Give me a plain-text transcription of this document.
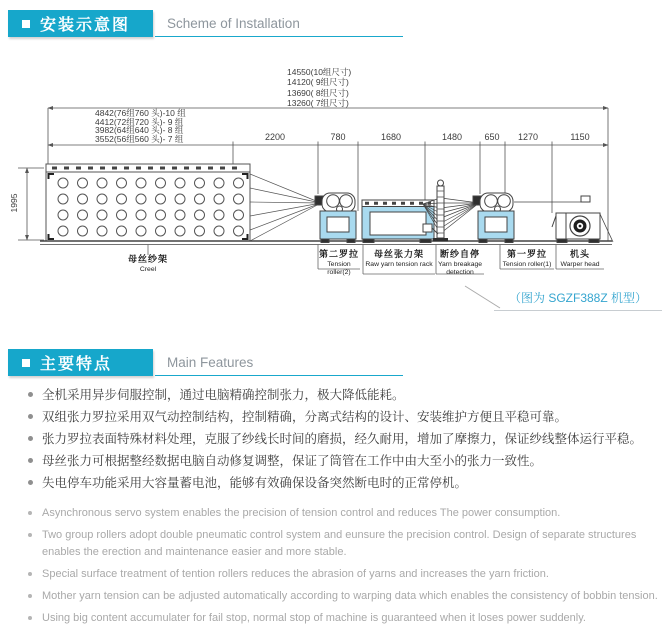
安装示意图	Scheme of Installation
14550(10组尺寸)
14120( 9组尺寸)
13690( 8组尺寸)
13260( 7组尺寸)
4842(76组760 头)-10 组
4412(72组720 头)- 9 组
3982(64组640 头)- 8 组
3552(56组560 头)- 7 组	2200	780	1680	1480	650	1270	1150
1995
母丝纱架
Creel
第二罗拉
Tension roller(2)
母丝张力架
Raw yarn tension rack
断纱自停
Yarn breakage detection
第一罗拉
Tension roller(1)
机头
Warper head
（图为 SGZF388Z 机型）
主要特点	Main Features
全机采用异步伺服控制，通过电脑精确控制张力，极大降低能耗。
双组张力罗拉采用双气动控制结构，控制精确，分离式结构的设计、安装维护方便且平稳可靠。
张力罗拉表面特殊材料处理，克服了纱线长时间的磨损，经久耐用，增加了摩擦力，保证纱线整体运行平稳。
母丝张力可根据整经数据电脑自动修复调整，保证了筒管在工作中由大至小的张力一致性。
失电停车功能采用大容量蓄电池，能够有效确保设备突然断电时的正常停机。
Asynchronous servo system enables the precision of tension control and reduces The power consumption.
Two group rollers adopt double pneumatic control system and eunsure the precision control. Design of separate structures enables the erection and maintenance easier and more stable.
Special surface treatment of tention rollers reduces the abrasion of yarns and increases the yarn friction.
Mother yarn tension can be adjusted automatically according to warping data which enables the consistency of bobbin tension.
Using big content accumulater for fail stop, normal stop of machine is guaranteed when it loses power suddenly.
